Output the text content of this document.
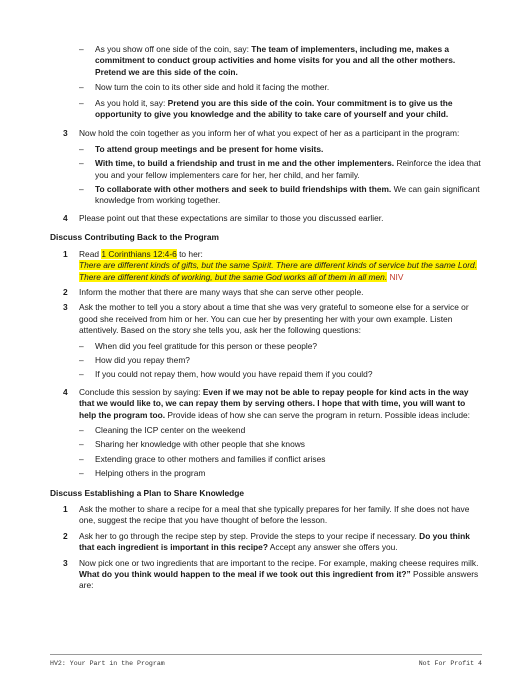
– As you show off one side of the coin, say: The team of implementers, including me, makes a commitment to conduct group activities and home visits for you and all the other mothers. Pretend we are this side of the coin.
– Now turn the coin to its other side and hold it facing the mother.
– As you hold it, say: Pretend you are this side of the coin. Your commitment is to give us the opportunity to give you knowledge and the ability to take care of yourself and your child.
3 Now hold the coin together as you inform her of what you expect of her as a participant in the program:
– To attend group meetings and be present for home visits.
– With time, to build a friendship and trust in me and the other implementers. Reinforce the idea that you and your fellow implementers care for her, her child, and her family.
– To collaborate with other mothers and seek to build friendships with them. We can gain significant knowledge from working together.
4 Please point out that these expectations are similar to those you discussed earlier.
Discuss Contributing Back to the Program
1 Read 1 Corinthians 12:4-6 to her:
There are different kinds of gifts, but the same Spirit. There are different kinds of service but the same Lord. There are different kinds of working, but the same God works all of them in all men. NIV
2 Inform the mother that there are many ways that she can serve other people.
3 Ask the mother to tell you a story about a time that she was very grateful to someone else for a service or good she received from him or her. You can cue her by presenting her with your own example. Listen attentively. Based on the story she tells you, ask her the following questions:
– When did you feel gratitude for this person or these people?
– How did you repay them?
– If you could not repay them, how would you have repaid them if you could?
4 Conclude this session by saying: Even if we may not be able to repay people for kind acts in the way that we would like to, we can repay them by serving others. I hope that with time, you will want to help the program too. Provide ideas of how she can serve the program in return. Possible ideas include:
– Cleaning the ICP center on the weekend
– Sharing her knowledge with other people that she knows
– Extending grace to other mothers and families if conflict arises
– Helping others in the program
Discuss Establishing a Plan to Share Knowledge
1 Ask the mother to share a recipe for a meal that she typically prepares for her family. If she does not have one, suggest the recipe that you have thought of before the lesson.
2 Ask her to go through the recipe step by step. Provide the steps to your recipe if necessary. Do you think that each ingredient is important in this recipe? Accept any answer she offers you.
3 Now pick one or two ingredients that are important to the recipe. For example, making cheese requires milk. What do you think would happen to the meal if we took out this ingredient from it?” Possible answers are:
HV2: Your Part in the Program	Not For Profit 4
